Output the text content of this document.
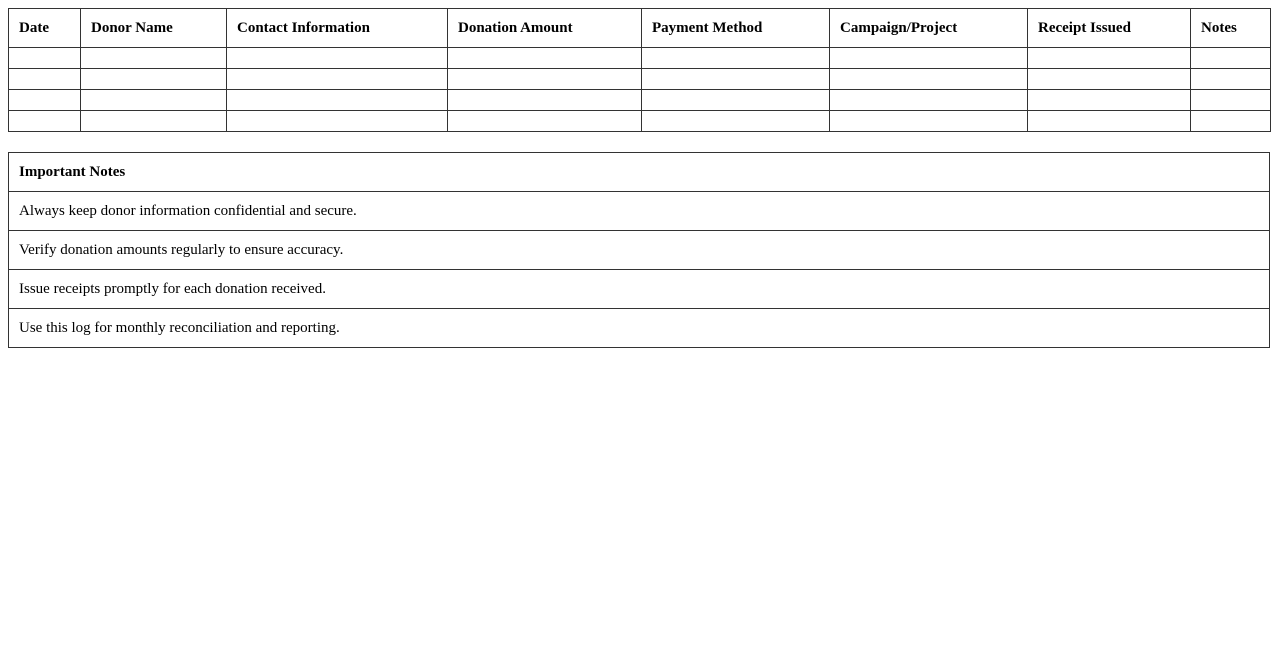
Date	Donor Name	Contact Information	Donation Amount	Payment Method	Campaign/Project	Receipt Issued	Notes

Important Notes
Always keep donor information confidential and secure.
Verify donation amounts regularly to ensure accuracy.
Issue receipts promptly for each donation received.
Use this log for monthly reconciliation and reporting.
